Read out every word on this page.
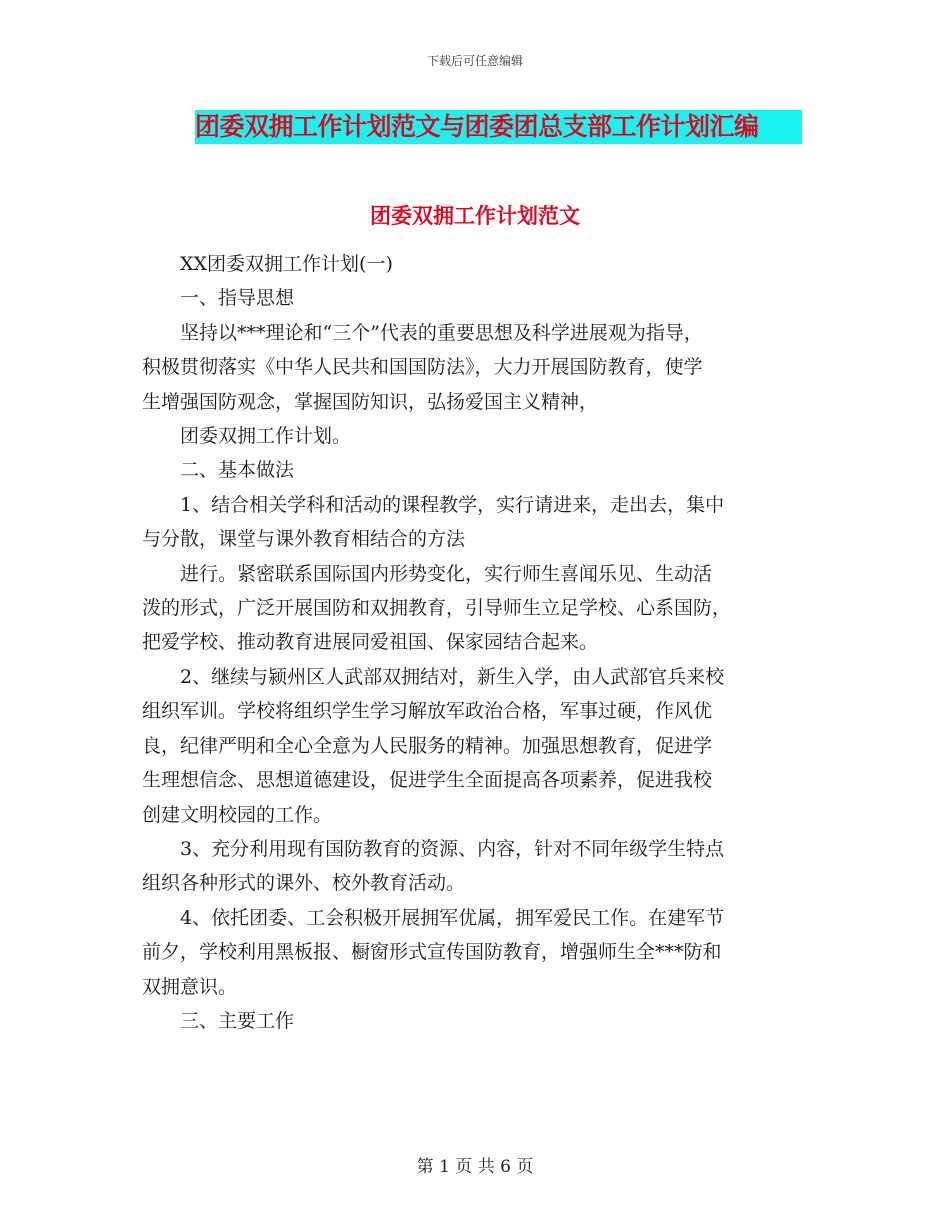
下载后可任意编辑
团委双拥工作计划范文与团委团总支部工作计划汇编
团委双拥工作计划范文

XX团委双拥工作计划(一)

一、指导思想

坚持以***理论和“三个”代表的重要思想及科学进展观为指导，

积极贯彻落实《中华人民共和国国防法》，大力开展国防教育，使学

生增强国防观念，掌握国防知识，弘扬爱国主义精神，

团委双拥工作计划。

二、基本做法

1、结合相关学科和活动的课程教学，实行请进来，走出去，集中

与分散，课堂与课外教育相结合的方法

进行。紧密联系国际国内形势变化，实行师生喜闻乐见、生动活

泼的形式，广泛开展国防和双拥教育，引导师生立足学校、心系国防，

把爱学校、推动教育进展同爱祖国、保家园结合起来。

2、继续与颍州区人武部双拥结对，新生入学，由人武部官兵来校

组织军训。学校将组织学生学习解放军政治合格，军事过硬，作风优

良，纪律严明和全心全意为人民服务的精神。加强思想教育，促进学

生理想信念、思想道德建设，促进学生全面提高各项素养，促进我校

创建文明校园的工作。

3、充分利用现有国防教育的资源、内容，针对不同年级学生特点

组织各种形式的课外、校外教育活动。

4、依托团委、工会积极开展拥军优属，拥军爱民工作。在建军节

前夕，学校利用黑板报、橱窗形式宣传国防教育，增强师生全***防和

双拥意识。

三、主要工作

第 1 页 共 6 页
